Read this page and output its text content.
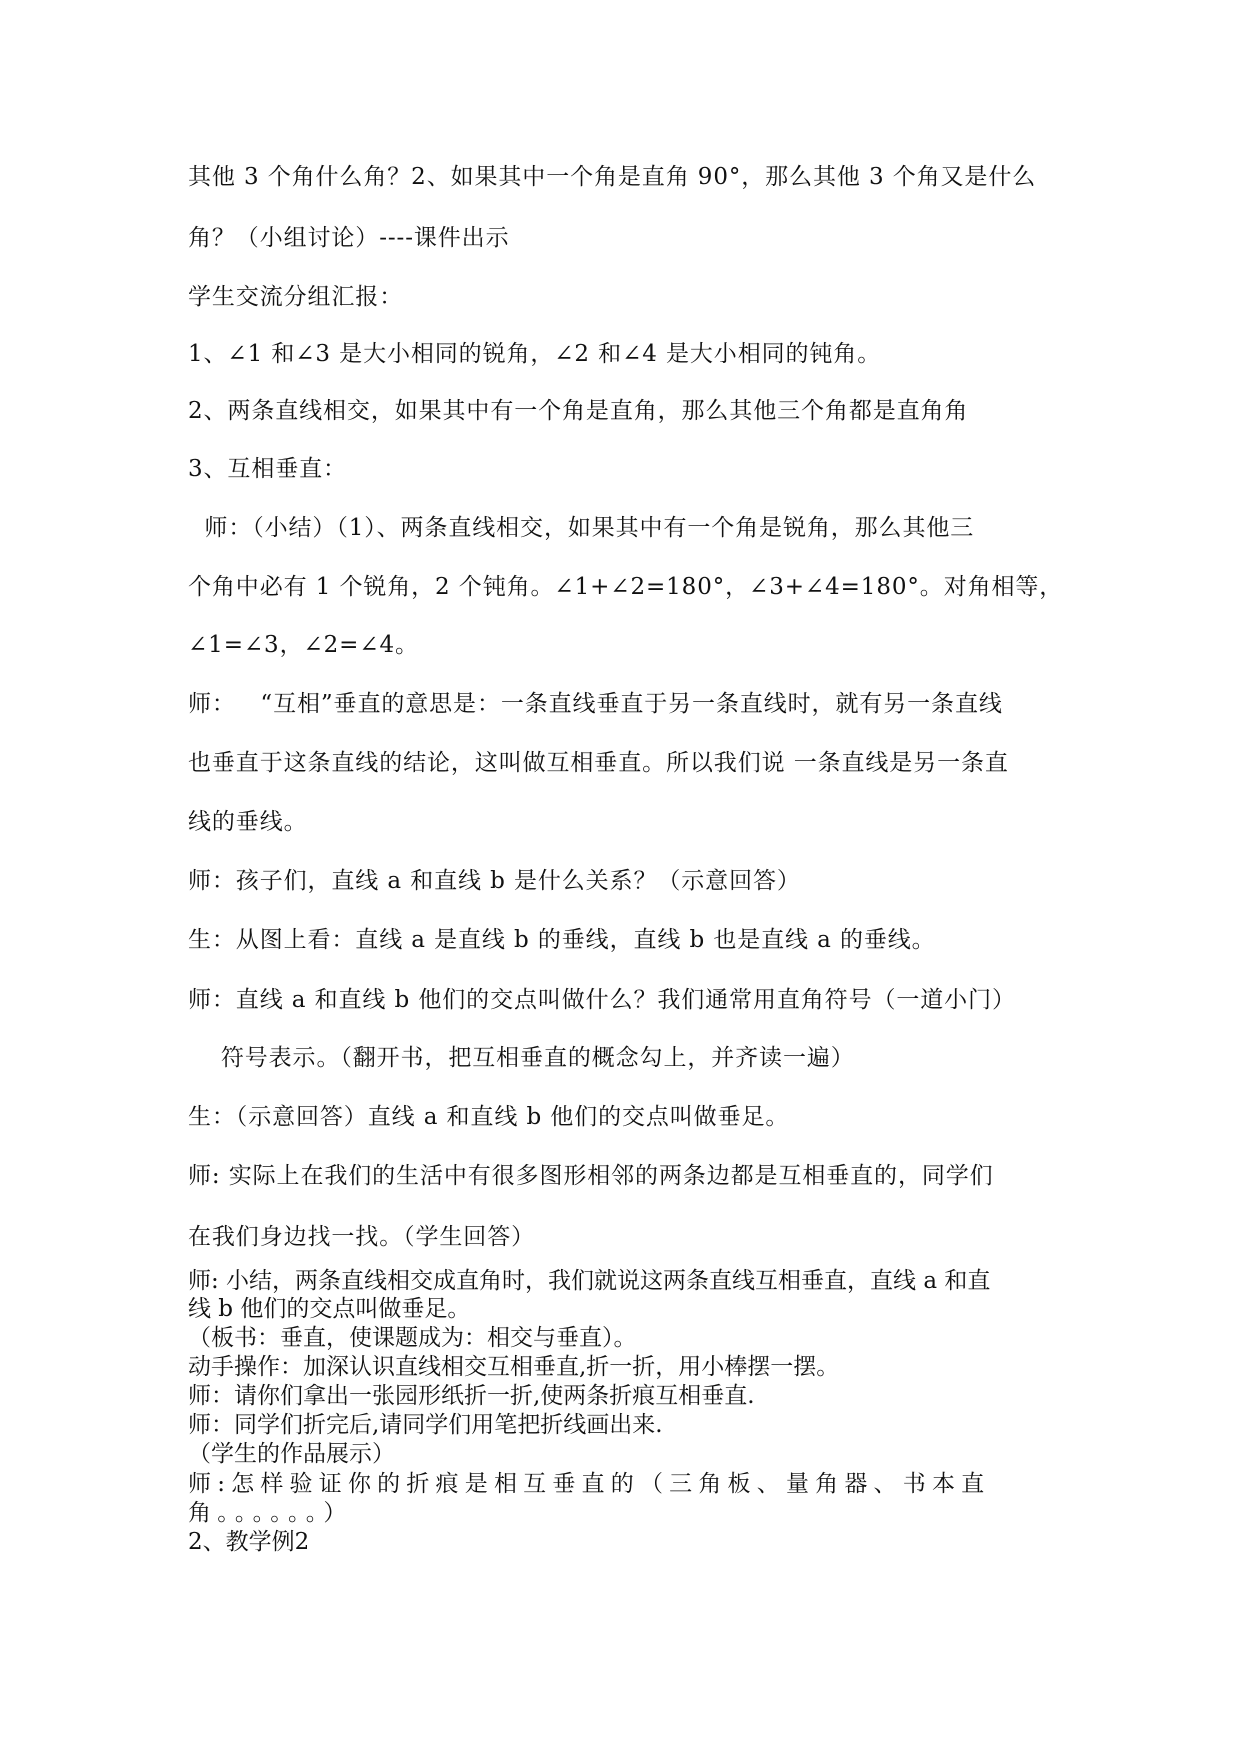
其他 3 个角什么角？2、如果其中一个角是直角 90°，那么其他 3 个角又是什么

角？（小组讨论）----课件出示

学生交流分组汇报：

1、∠1 和∠3 是大小相同的锐角，∠2 和∠4 是大小相同的钝角。

2、两条直线相交，如果其中有一个角是直角，那么其他三个角都是直角角

3、互相垂直：

师：（小结）（1）、两条直线相交，如果其中有一个角是锐角，那么其他三

个角中必有 1 个锐角，2 个钝角。∠1+∠2=180°，∠3+∠4=180°。对角相等，

∠1=∠3，∠2=∠4。

师：   “互相”垂直的意思是：一条直线垂直于另一条直线时，就有另一条直线

也垂直于这条直线的结论，这叫做互相垂直。所以我们说 一条直线是另一条直

线的垂线。

师：孩子们，直线 a 和直线 b 是什么关系？（示意回答）

生：从图上看：直线 a 是直线 b 的垂线，直线 b 也是直线 a 的垂线。

师：直线 a 和直线 b 他们的交点叫做什么？我们通常用直角符号（一道小门）

符号表示。（翻开书，把互相垂直的概念勾上，并齐读一遍）

生：（示意回答）直线 a 和直线 b 他们的交点叫做垂足。

师: 实际上在我们的生活中有很多图形相邻的两条边都是互相垂直的，同学们

在我们身边找一找。（学生回答）

师: 小结，两条直线相交成直角时，我们就说这两条直线互相垂直，直线 a 和直

线 b 他们的交点叫做垂足。

（板书：垂直，使课题成为：相交与垂直）。

动手操作：加深认识直线相交互相垂直,折一折，用小棒摆一摆。

师：请你们拿出一张园形纸折一折,使两条折痕互相垂直.

师：同学们折完后,请同学们用笔把折线画出来.

（学生的作品展示）

师:怎样验证你的折痕是相互垂直的（三角板、量角器、书本直

角。。。。。。）

2、教学例2
